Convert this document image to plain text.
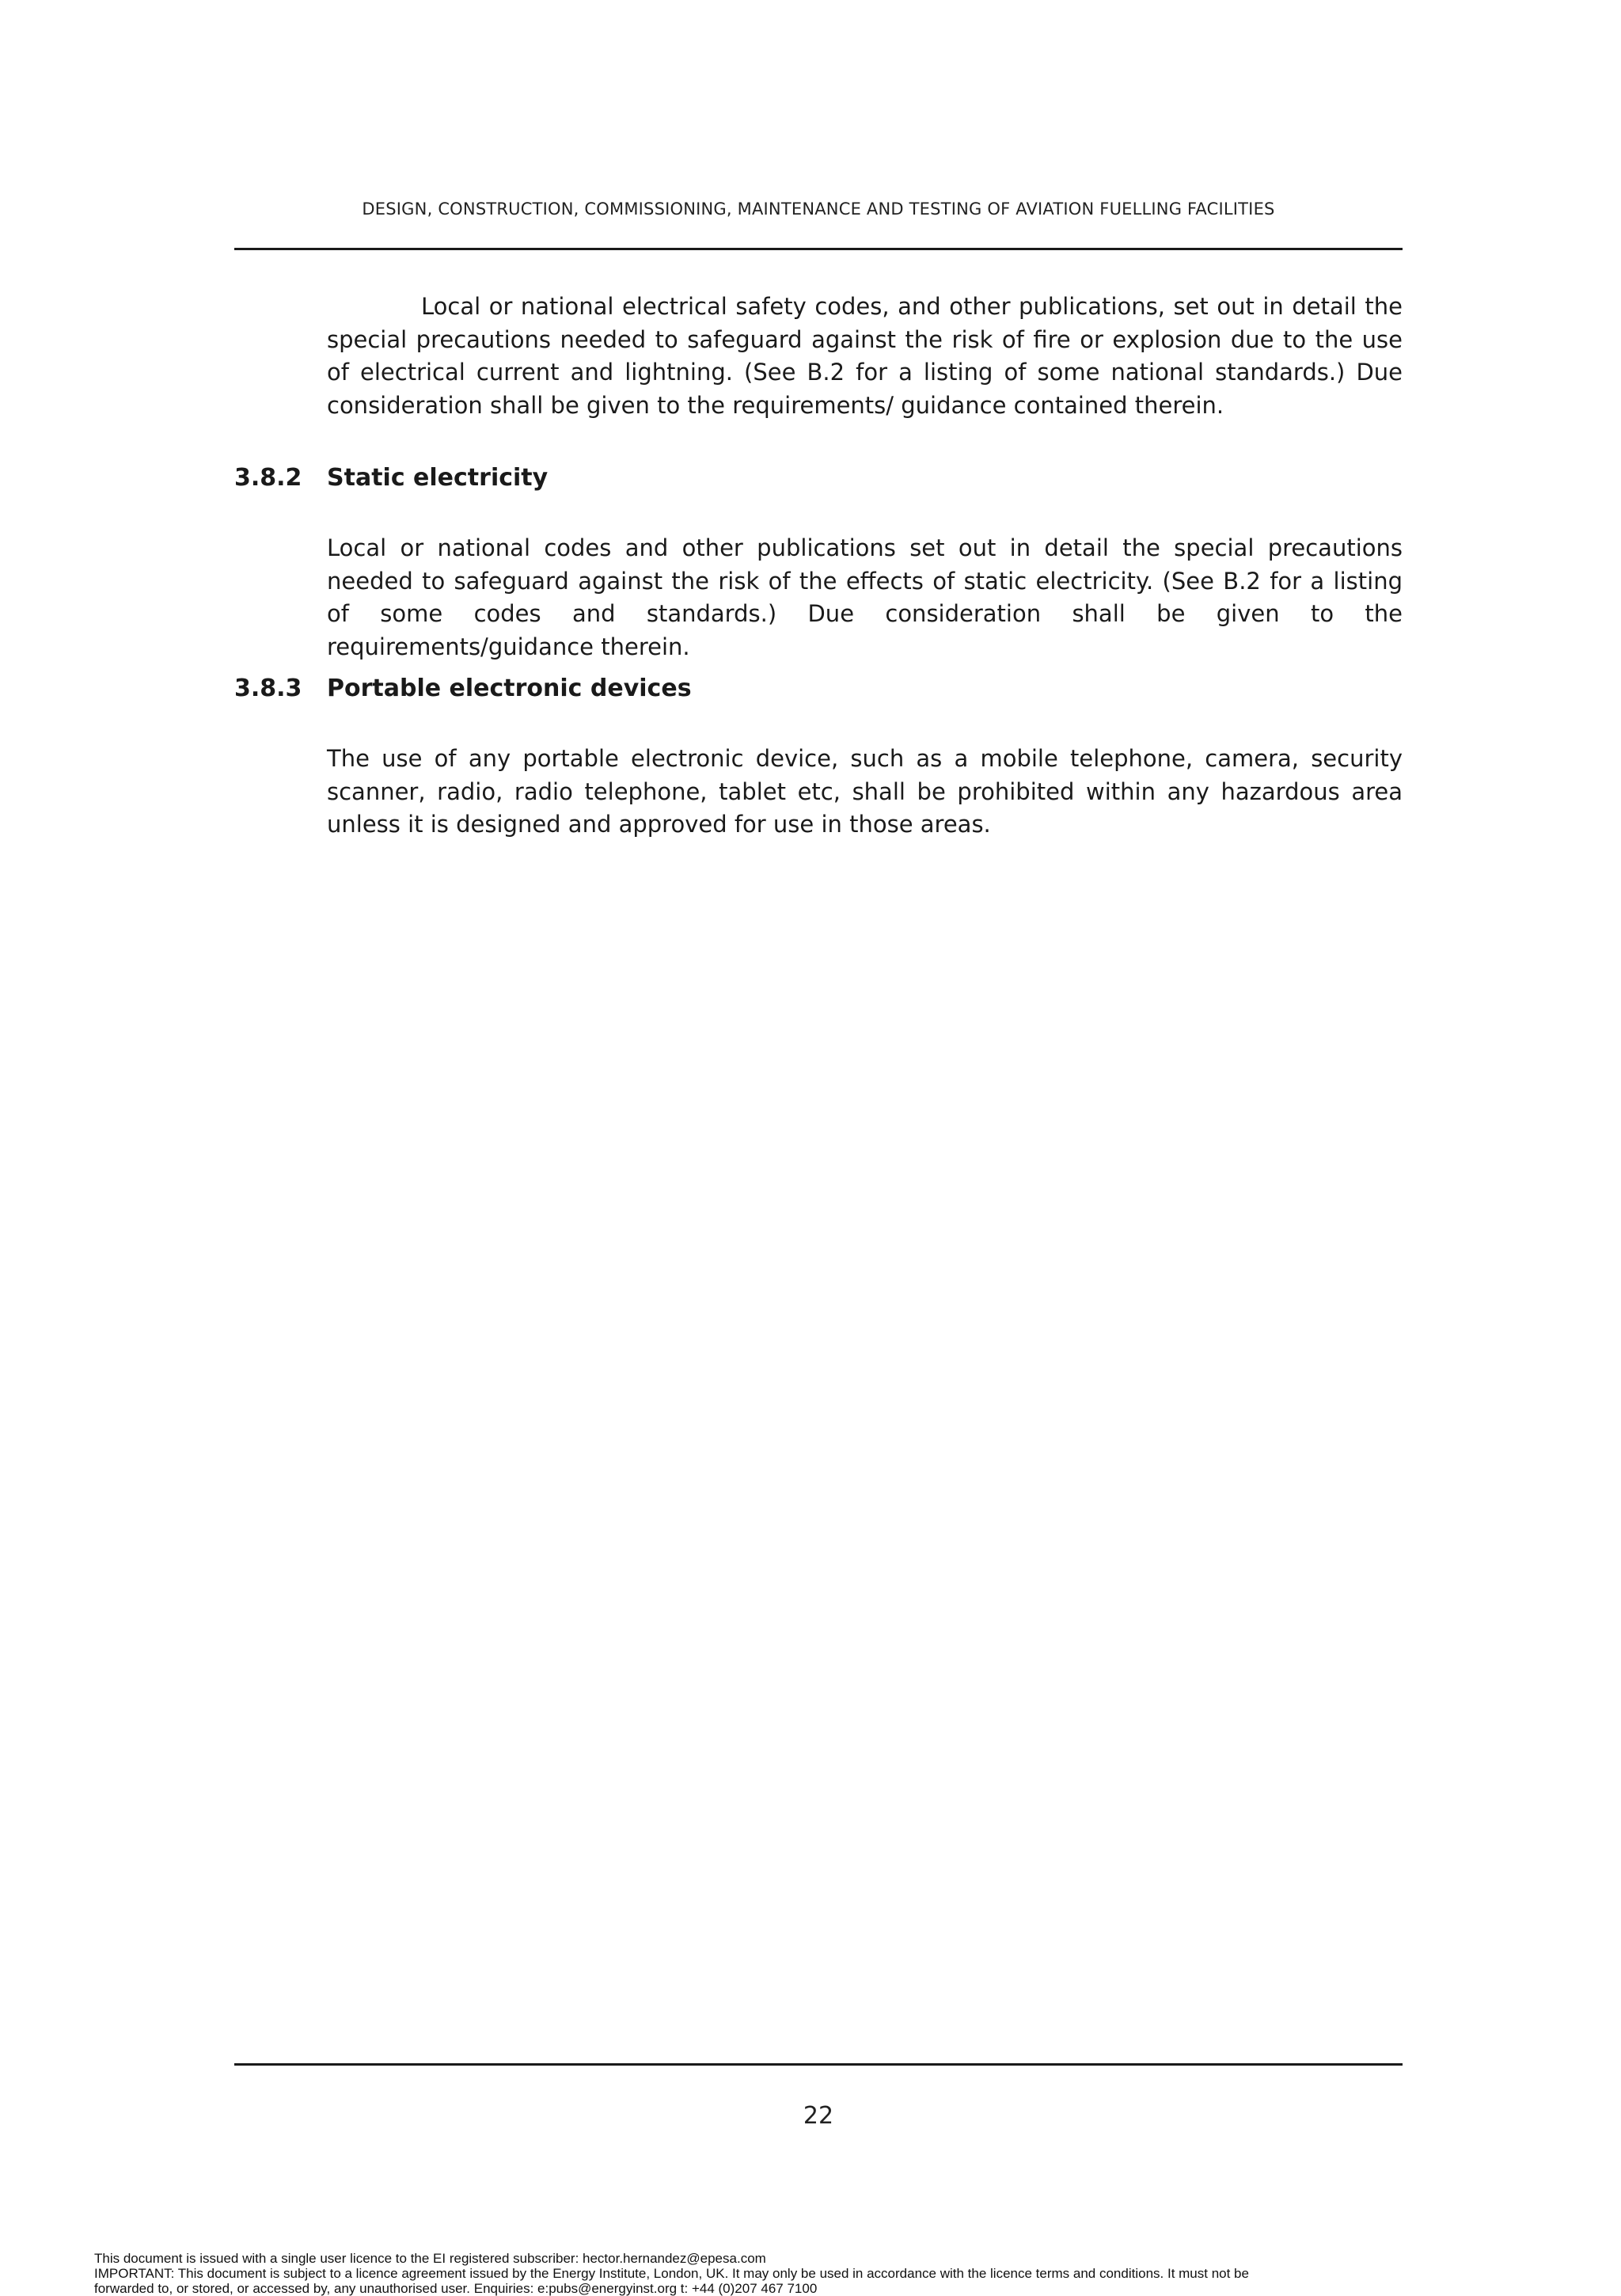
DESIGN, CONSTRUCTION, COMMISSIONING, MAINTENANCE AND TESTING OF AVIATION FUELLING FACILITIES

Local or national electrical safety codes, and other publications, set out in detail the special precautions needed to safeguard against the risk of fire or explosion due to the use of electrical current and lightning. (See B.2 for a listing of some national standards.) Due consideration shall be given to the requirements/ guidance contained therein.

3.8.2 Static electricity

Local or national codes and other publications set out in detail the special precautions needed to safeguard against the risk of the effects of static electricity. (See B.2 for a listing of some codes and standards.) Due consideration shall be given to the requirements/guidance therein.

3.8.3 Portable electronic devices

The use of any portable electronic device, such as a mobile telephone, camera, security scanner, radio, radio telephone, tablet etc, shall be prohibited within any hazardous area unless it is designed and approved for use in those areas.

22
This document is issued with a single user licence to the EI registered subscriber: hector.hernandez@epesa.com
IMPORTANT: This document is subject to a licence agreement issued by the Energy Institute, London, UK. It may only be used in accordance with the licence terms and conditions. It must not be
forwarded to, or stored, or accessed by, any unauthorised user. Enquiries: e:pubs@energyinst.org t: +44 (0)207 467 7100
